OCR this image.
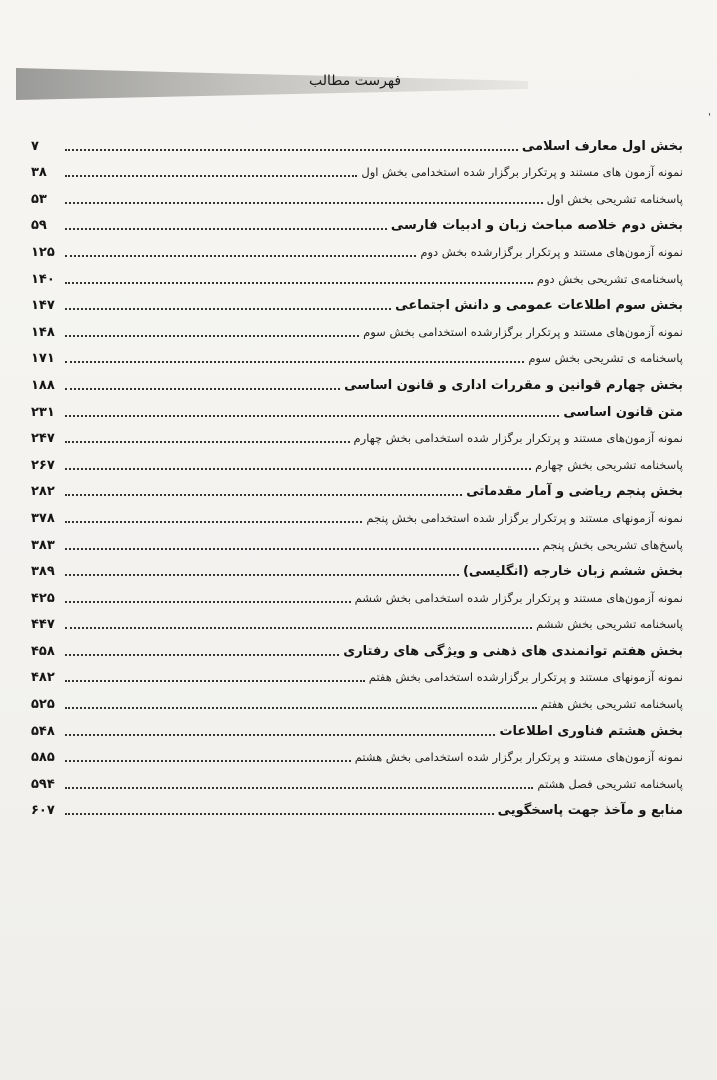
فهرست مطالب
'
بخش اول معارف اسلامی
۷
نمونه آزمون های مستند و پرتکرار برگزار شده استخدامی بخش اول
۳۸
پاسخنامه تشریحی بخش اول
۵۳
بخش دوم خلاصه مباحث زبان و ادبیات فارسی
۵۹
نمونه آزمون‌های مستند و پرتکرار برگزارشده بخش دوم
۱۲۵
پاسخنامه‌ی تشریحی بخش دوم
۱۴۰
بخش سوم اطلاعات عمومی و دانش اجتماعی
۱۴۷
نمونه آزمون‌های مستند و پرتکرار برگزارشده استخدامی بخش سوم
۱۴۸
پاسخنامه ی تشریحی بخش سوم
۱۷۱
بخش چهارم قوانین و مقررات اداری و قانون اساسی
۱۸۸
متن قانون اساسی
۲۳۱
نمونه آزمون‌های مستند و پرتکرار برگزار شده استخدامی بخش چهارم
۲۴۷
پاسخنامه تشریحی بخش چهارم
۲۶۷
بخش پنجم ریاضی و آمار مقدماتی
۲۸۲
نمونه آزمونهای مستند و پرتکرار برگزار شده استخدامی بخش پنجم
۳۷۸
پاسخ‌های تشریحی بخش پنجم
۳۸۳
بخش ششم زبان خارجه (انگلیسی)
۳۸۹
نمونه آزمون‌های مستند و پرتکرار برگزار شده استخدامی بخش ششم
۴۲۵
پاسخنامه تشریحی بخش ششم
۴۴۷
بخش هفتم توانمندی های ذهنی و ویژگی های رفتاری
۴۵۸
نمونه آزمونهای مستند و پرتکرار برگزارشده استخدامی بخش هفتم
۴۸۲
پاسخنامه تشریحی بخش هفتم
۵۲۵
بخش هشتم فناوری اطلاعات
۵۴۸
نمونه آزمون‌های مستند و پرتکرار برگزار شده استخدامی بخش هشتم
۵۸۵
پاسخنامه تشریحی فصل هشتم
۵۹۴
منابع و مآخذ جهت پاسخگویی
۶۰۷
